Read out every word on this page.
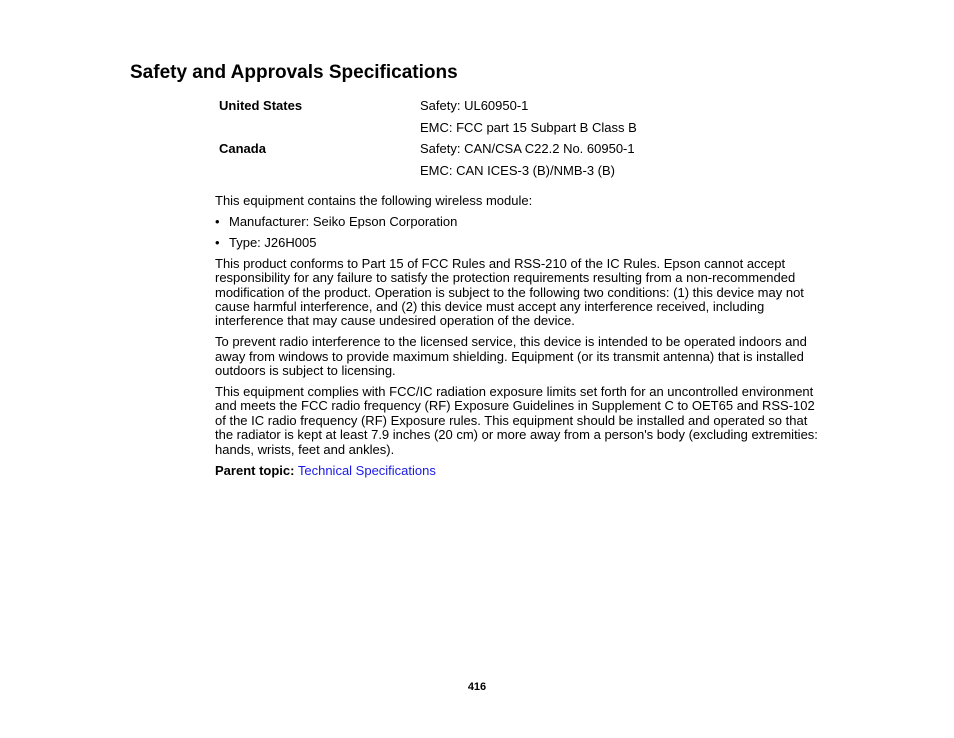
Safety and Approvals Specifications
United States	Safety: UL60950-1
EMC: FCC part 15 Subpart B Class B
Canada	Safety: CAN/CSA C22.2 No. 60950-1
EMC: CAN ICES-3 (B)/NMB-3 (B)

This equipment contains the following wireless module:

• Manufacturer: Seiko Epson Corporation
• Type: J26H005

This product conforms to Part 15 of FCC Rules and RSS-210 of the IC Rules. Epson cannot accept responsibility for any failure to satisfy the protection requirements resulting from a non-recommended modification of the product. Operation is subject to the following two conditions: (1) this device may not cause harmful interference, and (2) this device must accept any interference received, including interference that may cause undesired operation of the device.

To prevent radio interference to the licensed service, this device is intended to be operated indoors and away from windows to provide maximum shielding. Equipment (or its transmit antenna) that is installed outdoors is subject to licensing.

This equipment complies with FCC/IC radiation exposure limits set forth for an uncontrolled environment and meets the FCC radio frequency (RF) Exposure Guidelines in Supplement C to OET65 and RSS-102 of the IC radio frequency (RF) Exposure rules. This equipment should be installed and operated so that the radiator is kept at least 7.9 inches (20 cm) or more away from a person's body (excluding extremities: hands, wrists, feet and ankles).

Parent topic: Technical Specifications

416
